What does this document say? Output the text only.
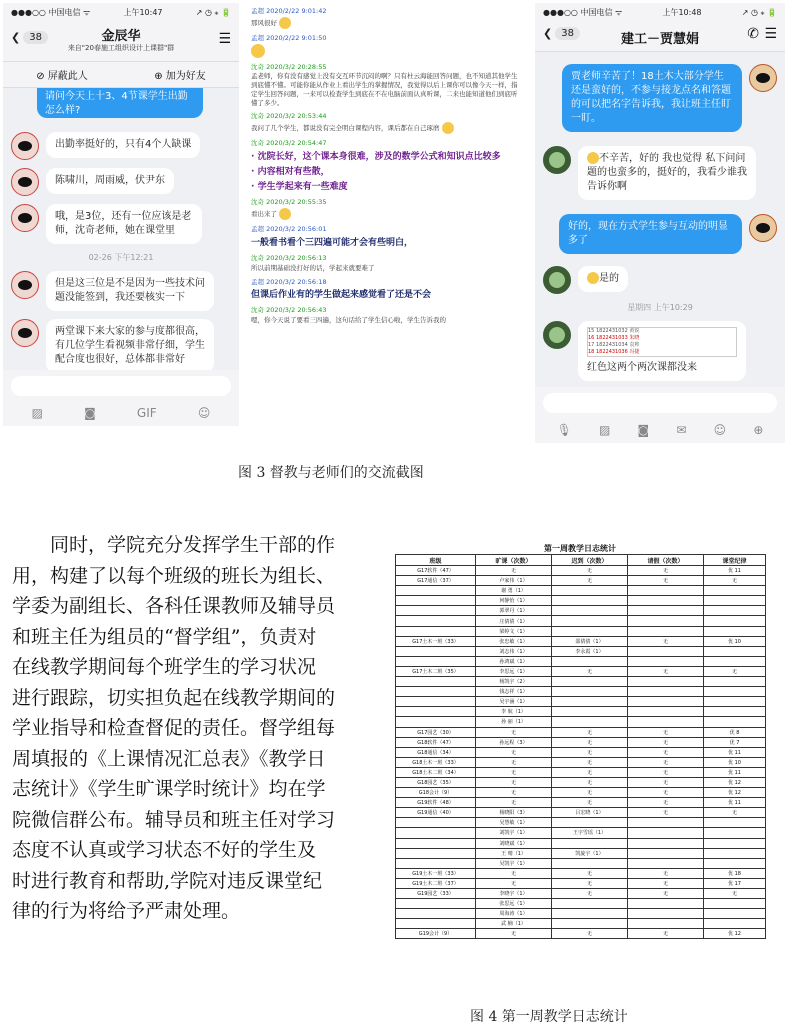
●●●○○ 中国电信 ᯤ	上午10:47	↗ ◷ ⁎ 🔋
❮ 38	金辰华
来自"20春施工组织设计上课群"群
☰
⊘ 屏蔽此人	⊕ 加为好友
请问今天上十3、4节课学生出勤怎么样?
出勤率挺好的，只有4个人缺课
陈啸川，周雨威，伏尹东
哦，是3位，还有一位应该是老师，沈奇老师，她在课堂里
02-26 下午12:21
但是这三位是不是因为一些技术问题没能签到，我还要核实一下
两堂课下来大家的参与度都很高，有几位学生看视频非常仔细，学生配合度也很好，总体都非常好
▨	◙	GIF	☺
孟超 2020/2/22 9:01:42
那风很好
孟超 2020/2/22 9:01:50
沈奇 2020/3/2 20:28:55
孟老师，你有没有感觉上没有交互环节沉闷的啊？只有杜云海能回答问题，也不知道其他学生到底懂不懂。可能你能从作业上看出学生的掌握情况，我觉得以后上课你可以像今天一样，指定学生回答问题，一来可以检查学生到底在不在电脑前面认真听课，二来也能知道他们到底听懂了多少。
沈奇 2020/3/2 20:53:44
我问了几个学生，都说没有完全明白课程内容，课后都在自己琢磨
沈奇 2020/3/2 20:54:47
· 沈院长好，这个课本身很难，涉及的数学公式和知识点比较多
· 内容相对有些散，
· 学生学起来有一些难度
沈奇 2020/3/2 20:55:35
看出来了
孟超 2020/3/2 20:56:01
一般看书看个三四遍可能才会有些明白，
沈奇 2020/3/2 20:56:13
所以前期基础没打好的话，学起来就要难了
孟超 2020/3/2 20:56:18
但课后作业有的学生做起来感觉看了还是不会
沈奇 2020/3/2 20:56:43
嗯，你今天说了要看三四遍，这句话给了学生信心啦，学生告诉我的
●●●○○ 中国电信 ᯤ	上午10:48	↗ ◷ ⁎ 🔋
❮ 38	建工－贾慧娟	✆ ☰
贾老师辛苦了！18土木大部分学生还是蛮好的，不参与接龙点名和答题的可以把名字告诉我，我让班主任盯一盯。
不辛苦，好的 我也觉得 私下问问题的也蛮多的，挺好的，我看少谁我告诉你啊
好的，现在方式学生参与互动的明显多了
是的
星期四 上午10:29
15 1822431032 黄锐
16 1822431033 朱晓
17 1822431034 袁帅
18 1822431036 冯捷
红色这两个两次课都没来
🎙 ▨ ◙ ✉ ☺ ⊕
图 3 督教与老师们的交流截图
同时，学院充分发挥学生干部的作
用，构建了以每个班级的班长为组长、
学委为副组长、各科任课教师及辅导员
和班主任为组员的“督学组”，负责对
在线教学期间每个班学生的学习状况
进行跟踪，切实担负起在线教学期间的
学业指导和检查督促的责任。督学组每
周填报的《上课情况汇总表》《教学日
志统计》《学生旷课学时统计》均在学
院微信群公布。辅导员和班主任对学习
态度不认真或学习状态不好的学生及
时进行教育和帮助,学院对违反课堂纪
律的行为将给予严肃处理。
第一周教学日志统计
班级	旷课（次数）	迟到（次数）	请假（次数）	课堂纪律
G17软件（47）	无	无	无	优 11
G17通信（37）	卢家伟（1）	无	无	无
	谢 勇（1）			
	何静怡（1）			
	郭翠丹（1）			
	庄倩倩（1）			
	梁婷文（1）			
G17土木一班（33）	张忠敏（1）	邵倩倩（1）	无	优 10
	刘志伟（1）	李永霞（1）		
	孙鸿斌（1）			
G17土木二班（35）	李思远（1）	无	无	无
	杨凯宇（2）			
	钱志祥（1）			
	吴宇涵（1）			
	李 航（1）			
	孙 丽（1）			
G17园艺（30）	无	无	无	优 8
G18软件（47）	孙远程（3）	无	无	优 7
G18通信（34）	无	无	无	优 11
G18土木一班（33）	无	无	无	优 10
G18土木二班（34）	无	无	无	优 11
G18园艺（35）	无	无	无	优 12
G18会计（9）	无	无	无	优 12
G19软件（48）	无	无	无	优 11
G19通信（40）	杨晓阳（3）	吕宏晓（1）	无	无
	吴慧敏（1）			
	刘凯宇（1）	王宇雪瑶（1）		
	刘晓斌（1）			
	王 晴（1）	凯旋宇（1）		
	吴凯宇（1）			
G19土木一班（33）	无	无	无	优 18
G19土木二班（37）	无	无	无	优 17
G19园艺（33）	李晓宇（1）	无	无	无
	张思远（1）			
	周海涛（1）			
	武 楠（1）			
G19会计（9）	无	无	无	优 12
图 4 第一周教学日志统计
